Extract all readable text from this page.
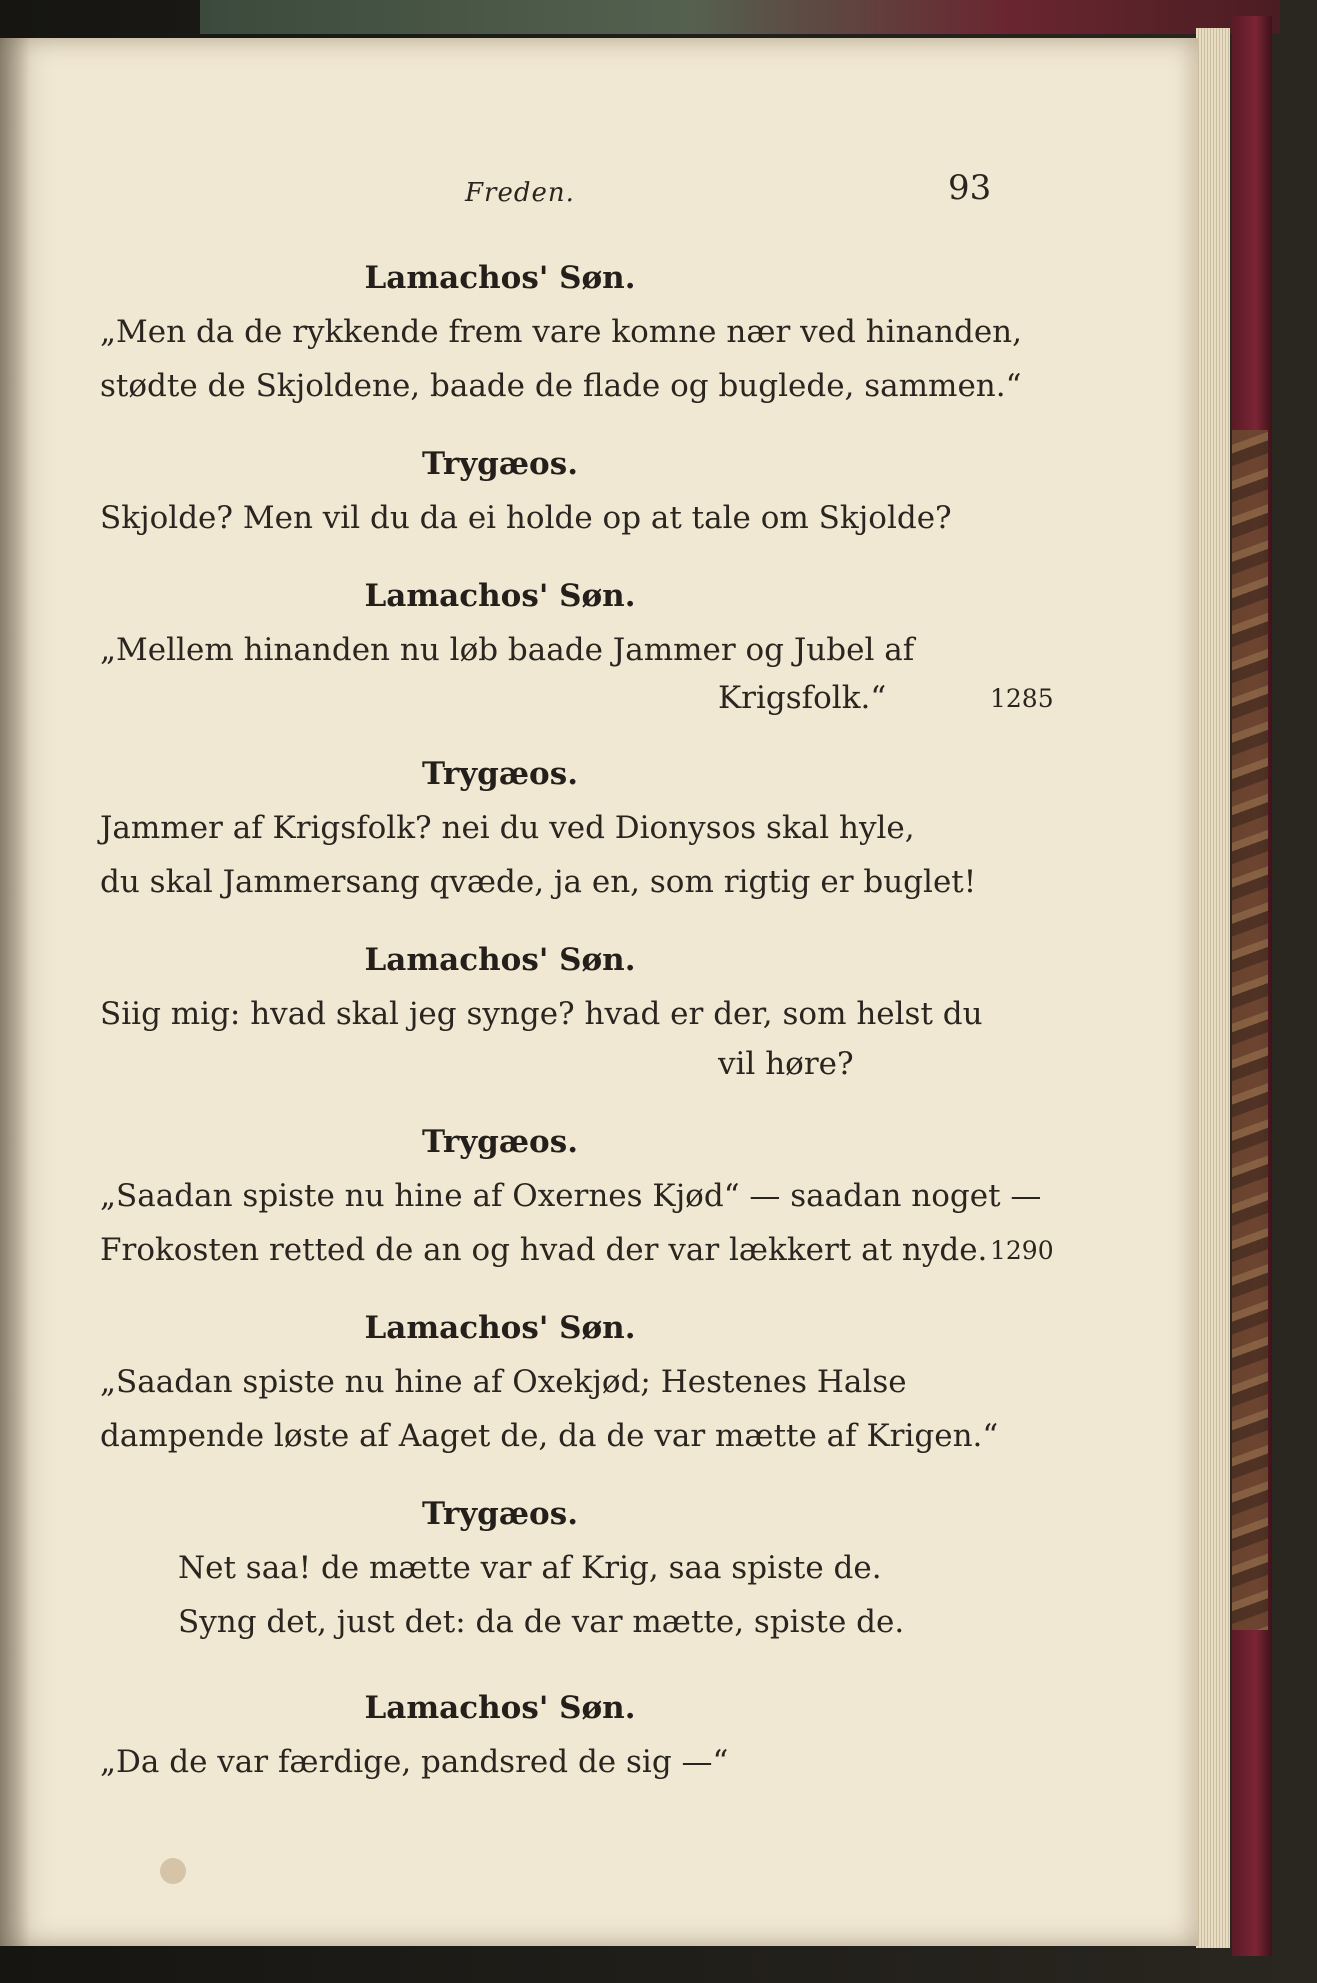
Freden.	93
Lamachos' Søn.
„Men da de rykkende frem vare komne nær ved hinanden,
stødte de Skjoldene, baade de flade og buglede, sammen.“
Trygæos.
Skjolde? Men vil du da ei holde op at tale om Skjolde?
Lamachos' Søn.
„Mellem hinanden nu løb baade Jammer og Jubel af
Krigsfolk.“	1285
Trygæos.
Jammer af Krigsfolk? nei du ved Dionysos skal hyle,
du skal Jammersang qvæde, ja en, som rigtig er buglet!
Lamachos' Søn.
Siig mig: hvad skal jeg synge? hvad er der, som helst du
vil høre?
Trygæos.
„Saadan spiste nu hine af Oxernes Kjød“ — saadan noget —
Frokosten retted de an og hvad der var lækkert at nyde. 1290
Lamachos' Søn.
„Saadan spiste nu hine af Oxekjød; Hestenes Halse
dampende løste af Aaget de, da de var mætte af Krigen.“
Trygæos.
Net saa! de mætte var af Krig, saa spiste de.
Syng det, just det: da de var mætte, spiste de.
Lamachos' Søn.
„Da de var færdige, pandsred de sig —“
